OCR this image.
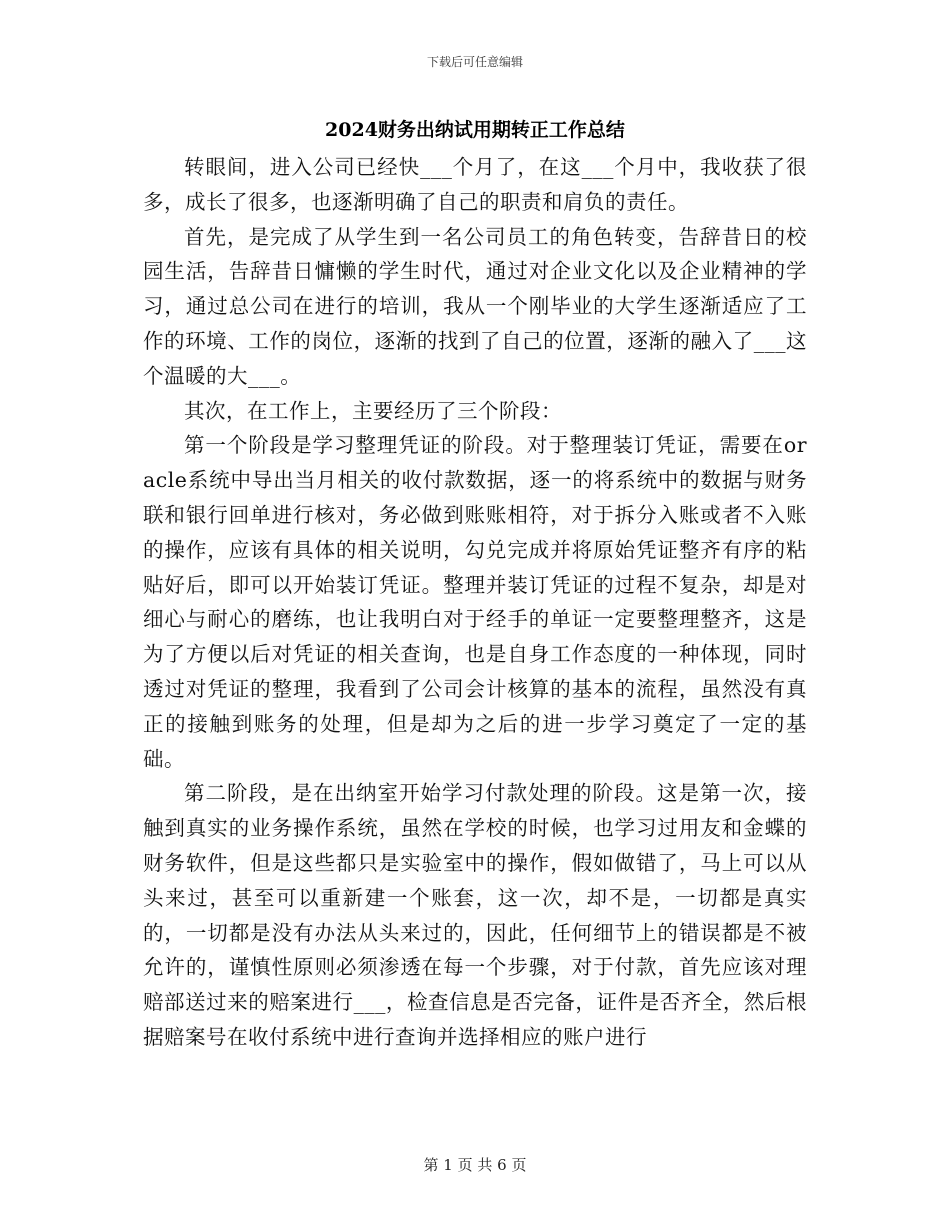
下载后可任意编辑
2024财务出纳试用期转正工作总结

转眼间，进入公司已经快___个月了，在这___个月中，我收获了很多，成长了很多，也逐渐明确了自己的职责和肩负的责任。

首先，是完成了从学生到一名公司员工的角色转变，告辞昔日的校园生活，告辞昔日慵懒的学生时代，通过对企业文化以及企业精神的学习，通过总公司在进行的培训，我从一个刚毕业的大学生逐渐适应了工作的环境、工作的岗位，逐渐的找到了自己的位置，逐渐的融入了___这个温暖的大___。

其次，在工作上，主要经历了三个阶段：

第一个阶段是学习整理凭证的阶段。对于整理装订凭证，需要在oracle系统中导出当月相关的收付款数据，逐一的将系统中的数据与财务联和银行回单进行核对，务必做到账账相符，对于拆分入账或者不入账的操作，应该有具体的相关说明，勾兑完成并将原始凭证整齐有序的粘贴好后，即可以开始装订凭证。整理并装订凭证的过程不复杂，却是对细心与耐心的磨练，也让我明白对于经手的单证一定要整理整齐，这是为了方便以后对凭证的相关查询，也是自身工作态度的一种体现，同时透过对凭证的整理，我看到了公司会计核算的基本的流程，虽然没有真正的接触到账务的处理，但是却为之后的进一步学习奠定了一定的基础。

第二阶段，是在出纳室开始学习付款处理的阶段。这是第一次，接触到真实的业务操作系统，虽然在学校的时候，也学习过用友和金蝶的财务软件，但是这些都只是实验室中的操作，假如做错了，马上可以从头来过，甚至可以重新建一个账套，这一次，却不是，一切都是真实的，一切都是没有办法从头来过的，因此，任何细节上的错误都是不被允许的，谨慎性原则必须渗透在每一个步骤，对于付款，首先应该对理赔部送过来的赔案进行___，检查信息是否完备，证件是否齐全，然后根据赔案号在收付系统中进行查询并选择相应的账户进行

第 1 页 共 6 页
